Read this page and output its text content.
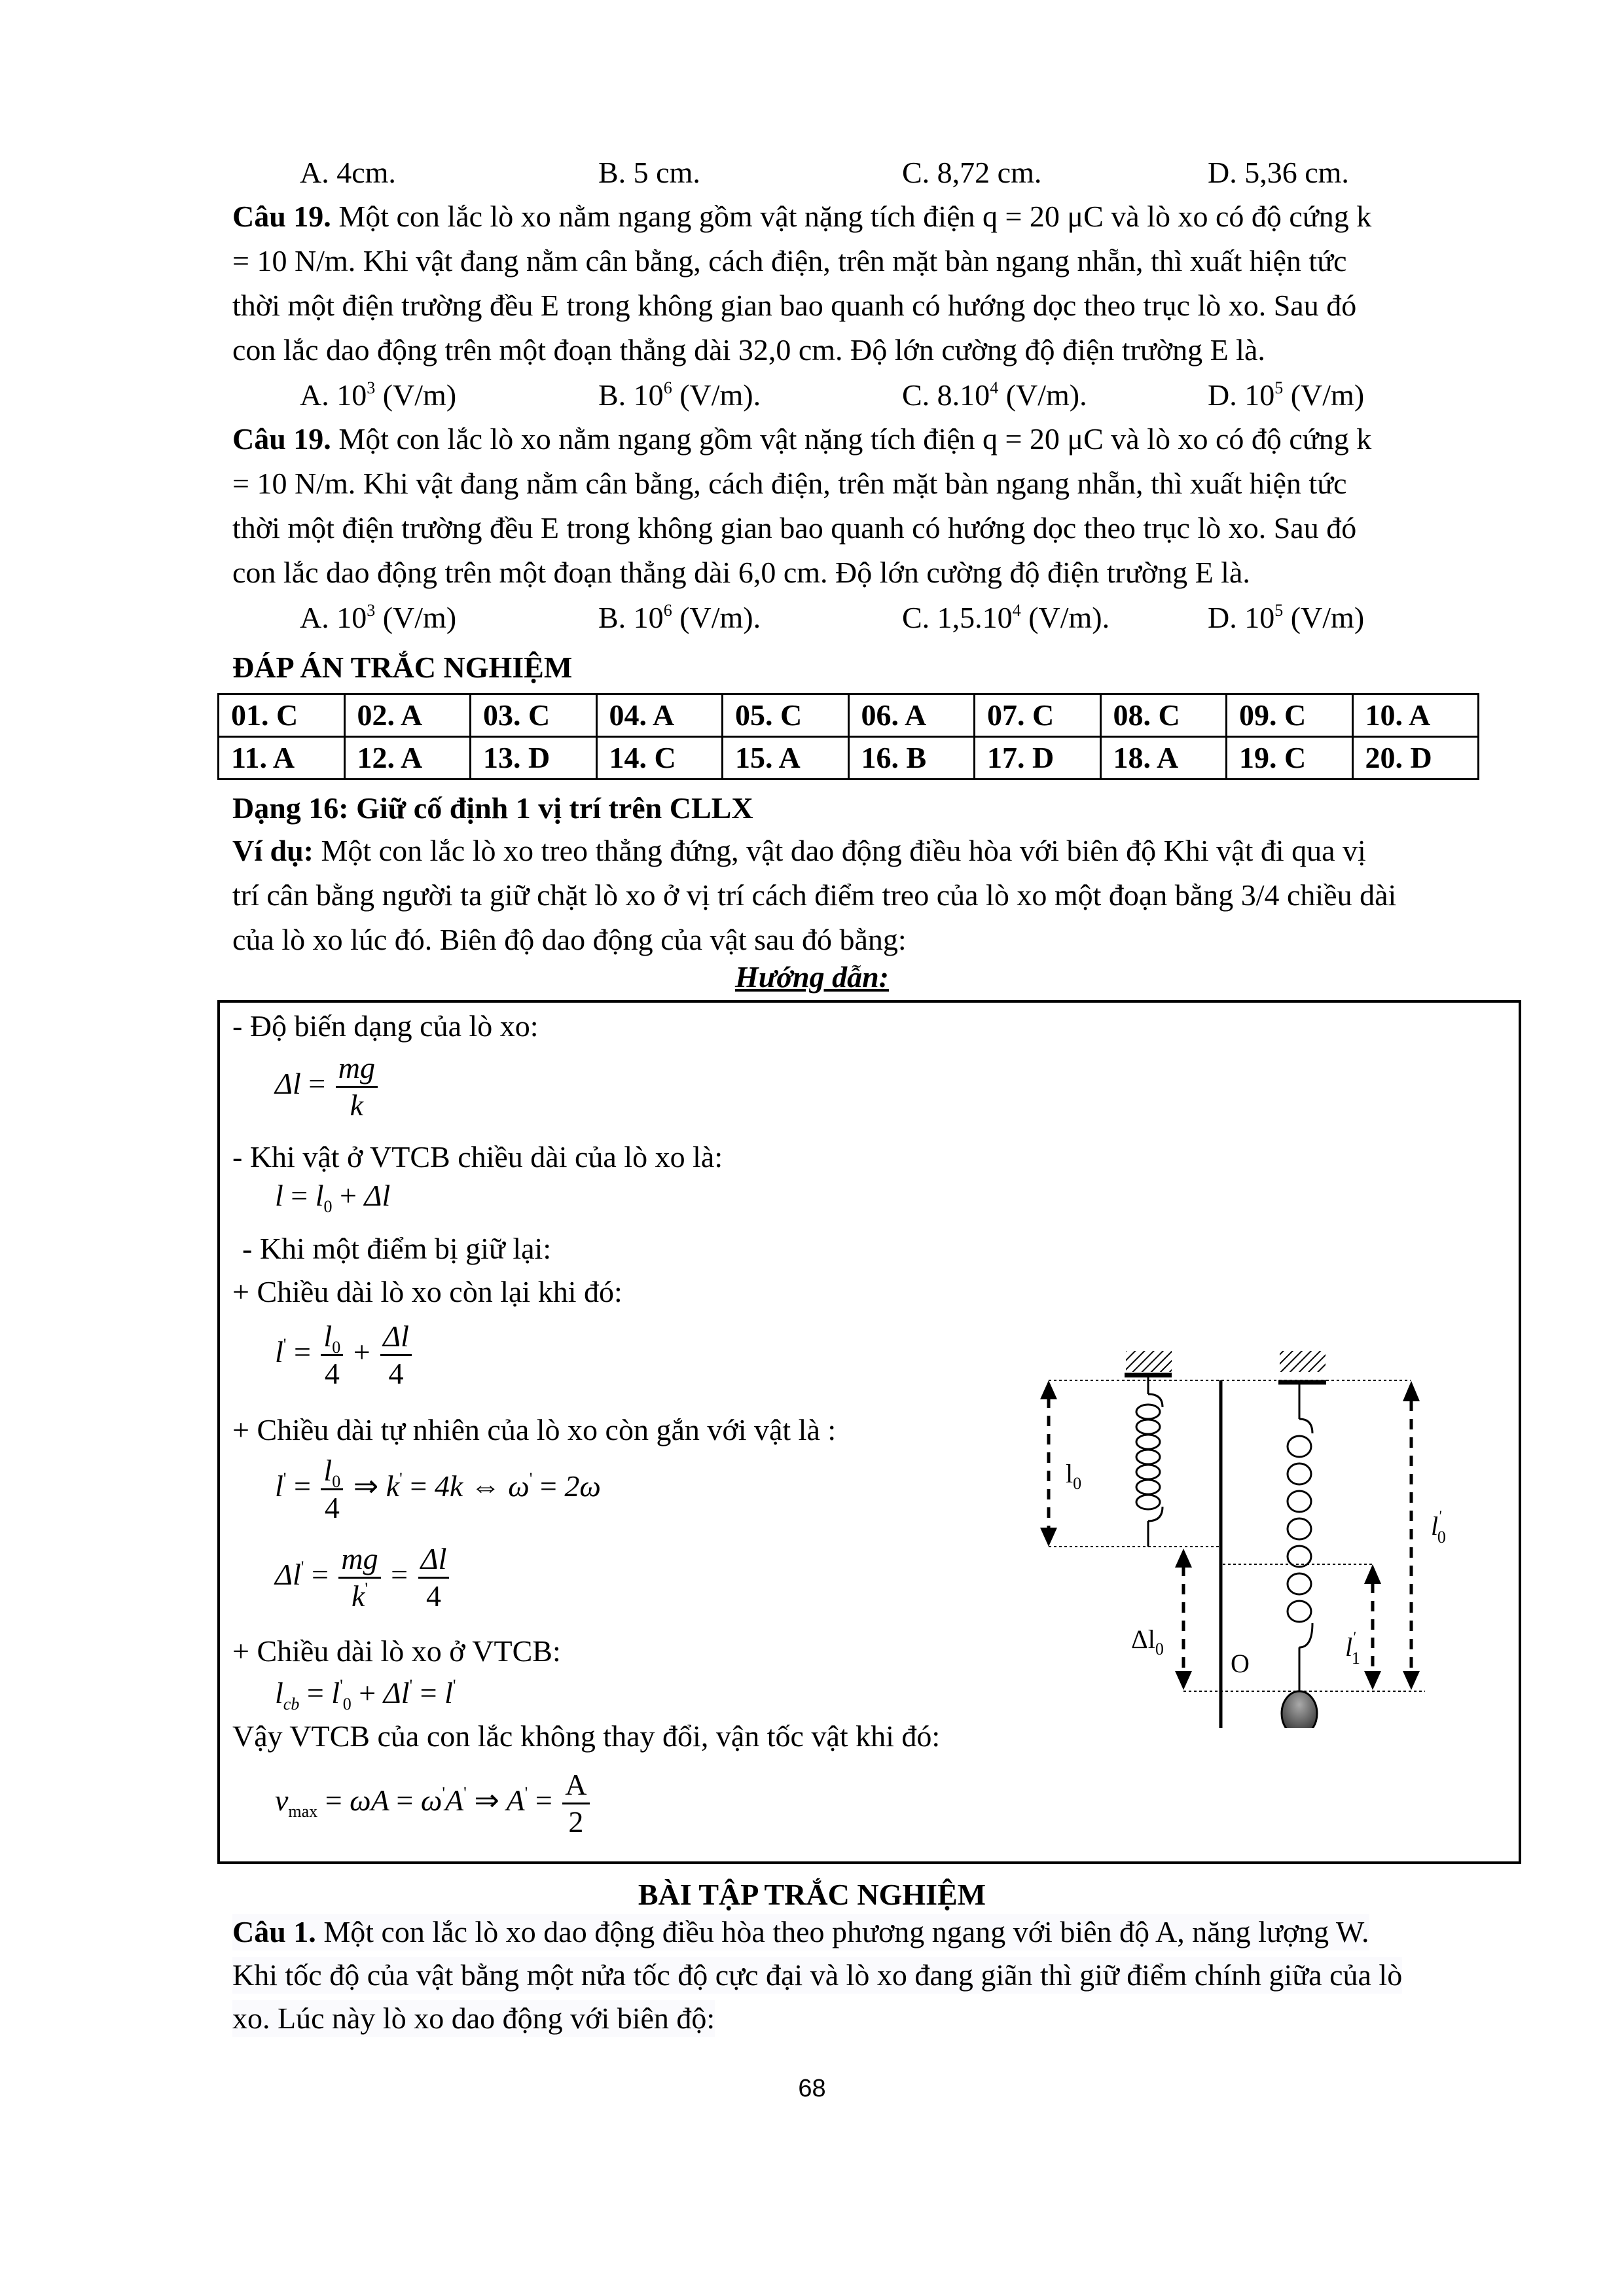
A. 4cm.	B. 5 cm.	C. 8,72 cm.	D. 5,36 cm.
Câu 19. Một con lắc lò xo nằm ngang gồm vật nặng tích điện q = 20 μC và lò xo có độ cứng k
= 10 N/m. Khi vật đang nằm cân bằng, cách điện, trên mặt bàn ngang nhẵn, thì xuất hiện tức
thời một điện trường đều E trong không gian bao quanh có hướng dọc theo trục lò xo. Sau đó
con lắc dao động trên một đoạn thẳng dài 32,0 cm. Độ lớn cường độ điện trường E là.
A. $10^3$ (V/m)	B. $10^6$ (V/m).	C. 8.10$^4$ (V/m).	D. $10^5$ (V/m)
Câu 19. Một con lắc lò xo nằm ngang gồm vật nặng tích điện q = 20 μC và lò xo có độ cứng k
= 10 N/m. Khi vật đang nằm cân bằng, cách điện, trên mặt bàn ngang nhẵn, thì xuất hiện tức
thời một điện trường đều E trong không gian bao quanh có hướng dọc theo trục lò xo. Sau đó
con lắc dao động trên một đoạn thẳng dài 6,0 cm. Độ lớn cường độ điện trường E là.
A. $10^3$ (V/m)	B. $10^6$ (V/m).	C. 1,5.10$^4$ (V/m).	D. $10^5$ (V/m)
ĐÁP ÁN TRẮC NGHIỆM
01. C	02. A	03. C	04. A	05. C	06. A	07. C	08. C	09. C	10. A
11. A	12. A	13. D	14. C	15. A	16. B	17. D	18. A	19. C	20. D
Dạng 16: Giữ cố định 1 vị trí trên CLLX
Ví dụ: Một con lắc lò xo treo thẳng đứng, vật dao động điều hòa với biên độ Khi vật đi qua vị
trí cân bằng người ta giữ chặt lò xo ở vị trí cách điểm treo của lò xo một đoạn bằng 3/4 chiều dài
của lò xo lúc đó. Biên độ dao động của vật sau đó bằng:
Hướng dẫn:
- Độ biến dạng của lò xo:
$\Delta l = \frac{mg}{k}$
- Khi vật ở VTCB chiều dài của lò xo là:
$l = l_0 + \Delta l$
- Khi một điểm bị giữ lại:
+ Chiều dài lò xo còn lại khi đó:
$l' = \frac{l_0}{4} + \frac{\Delta l}{4}$
+ Chiều dài tự nhiên của lò xo còn gắn với vật là :
$l' = \frac{l_0}{4}$ ⇒ k' = 4k ⇔ ω' = 2ω
$\Delta l' = \frac{mg}{k'} = \frac{\Delta l}{4}$
+ Chiều dài lò xo ở VTCB:
$l_{cb} = l'_0 + \Delta l' = l'$
Vậy VTCB của con lắc không thay đổi, vận tốc vật khi đó:
$v_{max} = \omega A = \omega'A'$ ⇒ $A' = \frac{A}{2}$
$l_0$
$\Delta l_0$	O
l' 1
l' 0
BÀI TẬP TRẮC NGHIỆM
Câu 1. Một con lắc lò xo dao động điều hòa theo phương ngang với biên độ A, năng lượng W.
Khi tốc độ của vật bằng một nửa tốc độ cực đại và lò xo đang giãn thì giữ điểm chính giữa của lò
xo. Lúc này lò xo dao động với biên độ:
68
